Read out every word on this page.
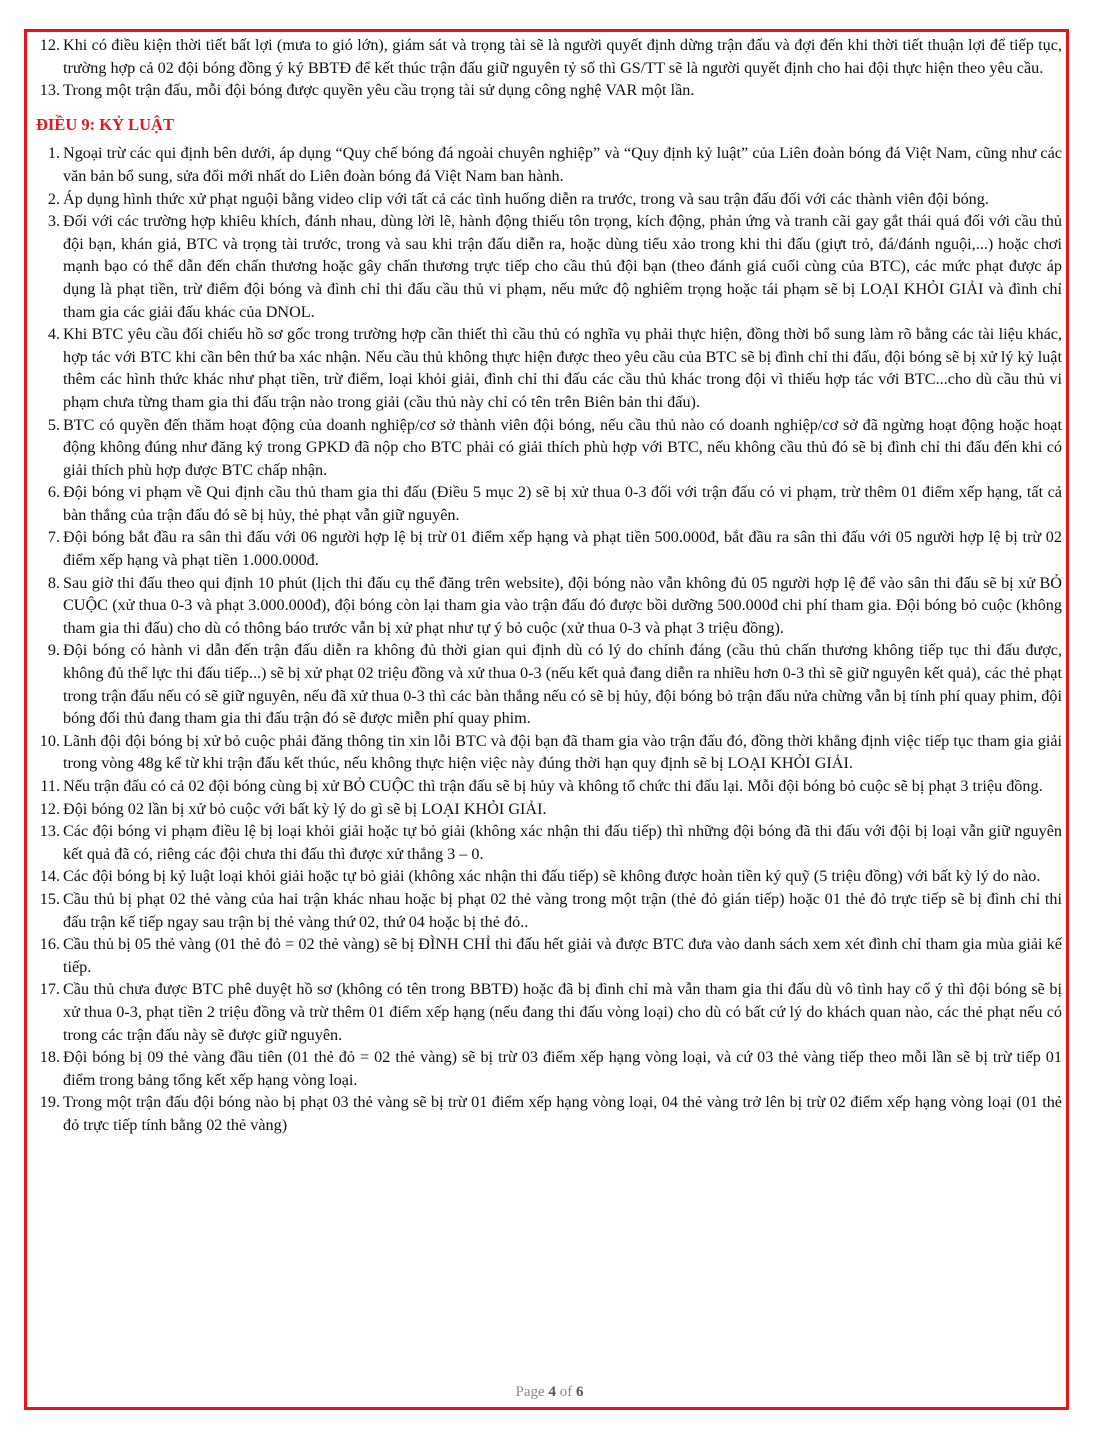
12. Khi có điều kiện thời tiết bất lợi (mưa to gió lớn), giám sát và trọng tài sẽ là người quyết định dừng trận đấu và đợi đến khi thời tiết thuận lợi để tiếp tục, trường hợp cả 02 đội bóng đồng ý ký BBTĐ để kết thúc trận đấu giữ nguyên tỷ số thì GS/TT sẽ là người quyết định cho hai đội thực hiện theo yêu cầu.
13. Trong một trận đấu, mỗi đội bóng được quyền yêu cầu trọng tài sử dụng công nghệ VAR một lần.
ĐIỀU 9: KỶ LUẬT
1. Ngoại trừ các qui định bên dưới, áp dụng “Quy chế bóng đá ngoài chuyên nghiệp” và “Quy định kỷ luật” của Liên đoàn bóng đá Việt Nam, cũng như các văn bản bổ sung, sửa đổi mới nhất do Liên đoàn bóng đá Việt Nam ban hành.
2. Áp dụng hình thức xử phạt nguội bằng video clip với tất cả các tình huống diễn ra trước, trong và sau trận đấu đối với các thành viên đội bóng.
3. Đối với các trường hợp khiêu khích, đánh nhau, dùng lời lẽ, hành động thiếu tôn trọng, kích động, phản ứng và tranh cãi gay gắt thái quá đối với cầu thủ đội bạn, khán giả, BTC và trọng tài trước, trong và sau khi trận đấu diễn ra, hoặc dùng tiểu xảo trong khi thi đấu (giựt trỏ, đá/đánh nguội,...) hoặc chơi mạnh bạo có thể dẫn đến chấn thương hoặc gây chấn thương trực tiếp cho cầu thủ đội bạn (theo đánh giá cuối cùng của BTC), các mức phạt được áp dụng là phạt tiền, trừ điểm đội bóng và đình chỉ thi đấu cầu thủ vi phạm, nếu mức độ nghiêm trọng hoặc tái phạm sẽ bị LOẠI KHỎI GIẢI và đình chỉ tham gia các giải đấu khác của DNOL.
4. Khi BTC yêu cầu đối chiếu hồ sơ gốc trong trường hợp cần thiết thì cầu thủ có nghĩa vụ phải thực hiện, đồng thời bổ sung làm rõ bằng các tài liệu khác, hợp tác với BTC khi cần bên thứ ba xác nhận. Nếu cầu thủ không thực hiện được theo yêu cầu của BTC sẽ bị đình chỉ thi đấu, đội bóng sẽ bị xử lý kỷ luật thêm các hình thức khác như phạt tiền, trừ điểm, loại khỏi giải, đình chỉ thi đấu các cầu thủ khác trong đội vì thiếu hợp tác với BTC...cho dù cầu thủ vi phạm chưa từng tham gia thi đấu trận nào trong giải (cầu thủ này chỉ có tên trên Biên bản thi đấu).
5. BTC có quyền đến thăm hoạt động của doanh nghiệp/cơ sở thành viên đội bóng, nếu cầu thủ nào có doanh nghiệp/cơ sở đã ngừng hoạt động hoặc hoạt động không đúng như đăng ký trong GPKD đã nộp cho BTC phải có giải thích phù hợp với BTC, nếu không cầu thủ đó sẽ bị đình chỉ thi đấu đến khi có giải thích phù hợp được BTC chấp nhận.
6. Đội bóng vi phạm về Qui định cầu thủ tham gia thi đấu (Điều 5 mục 2) sẽ bị xử thua 0-3 đối với trận đấu có vi phạm, trừ thêm 01 điểm xếp hạng, tất cả bàn thắng của trận đấu đó sẽ bị hủy, thẻ phạt vẫn giữ nguyên.
7. Đội bóng bắt đầu ra sân thi đấu với 06 người hợp lệ bị trừ 01 điểm xếp hạng và phạt tiền 500.000đ, bắt đầu ra sân thi đấu với 05 người hợp lệ bị trừ 02 điểm xếp hạng và phạt tiền 1.000.000đ.
8. Sau giờ thi đấu theo qui định 10 phút (lịch thi đấu cụ thể đăng trên website), đội bóng nào vẫn không đủ 05 người hợp lệ để vào sân thi đấu sẽ bị xử BỎ CUỘC (xử thua 0-3 và phạt 3.000.000đ), đội bóng còn lại tham gia vào trận đấu đó được bồi dưỡng 500.000đ chi phí tham gia. Đội bóng bỏ cuộc (không tham gia thi đấu) cho dù có thông báo trước vẫn bị xử phạt như tự ý bỏ cuộc (xử thua 0-3 và phạt 3 triệu đồng).
9. Đội bóng có hành vi dẫn đến trận đấu diễn ra không đủ thời gian qui định dù có lý do chính đáng (cầu thủ chấn thương không tiếp tục thi đấu được, không đủ thể lực thi đấu tiếp...) sẽ bị xử phạt 02 triệu đồng và xử thua 0-3 (nếu kết quả đang diễn ra nhiều hơn 0-3 thì sẽ giữ nguyên kết quả), các thẻ phạt trong trận đấu nếu có sẽ giữ nguyên, nếu đã xử thua 0-3 thì các bàn thắng nếu có sẽ bị hủy, đội bóng bỏ trận đấu nửa chừng vẫn bị tính phí quay phim, đội bóng đối thủ đang tham gia thi đấu trận đó sẽ được miễn phí quay phim.
10. Lãnh đội đội bóng bị xử bỏ cuộc phải đăng thông tin xin lỗi BTC và đội bạn đã tham gia vào trận đấu đó, đồng thời khẳng định việc tiếp tục tham gia giải trong vòng 48g kể từ khi trận đấu kết thúc, nếu không thực hiện việc này đúng thời hạn quy định sẽ bị LOẠI KHỎI GIẢI.
11. Nếu trận đấu có cả 02 đội bóng cùng bị xử BỎ CUỘC thì trận đấu sẽ bị hủy và không tổ chức thi đấu lại. Mỗi đội bóng bỏ cuộc sẽ bị phạt 3 triệu đồng.
12. Đội bóng 02 lần bị xử bỏ cuộc với bất kỳ lý do gì sẽ bị LOẠI KHỎI GIẢI.
13. Các đội bóng vi phạm điều lệ bị loại khỏi giải hoặc tự bỏ giải (không xác nhận thi đấu tiếp) thì những đội bóng đã thi đấu với đội bị loại vẫn giữ nguyên kết quả đã có, riêng các đội chưa thi đấu thì được xử thắng 3 – 0.
14. Các đội bóng bị kỷ luật loại khỏi giải hoặc tự bỏ giải (không xác nhận thi đấu tiếp) sẽ không được hoàn tiền ký quỹ (5 triệu đồng) với bất kỳ lý do nào.
15. Cầu thủ bị phạt 02 thẻ vàng của hai trận khác nhau hoặc bị phạt 02 thẻ vàng trong một trận (thẻ đỏ gián tiếp) hoặc 01 thẻ đỏ trực tiếp sẽ bị đình chỉ thi đấu trận kế tiếp ngay sau trận bị thẻ vàng thứ 02, thứ 04 hoặc bị thẻ đỏ..
16. Cầu thủ bị 05 thẻ vàng (01 thẻ đỏ = 02 thẻ vàng) sẽ bị ĐÌNH CHỈ thi đấu hết giải và được BTC đưa vào danh sách xem xét đình chỉ tham gia mùa giải kế tiếp.
17. Cầu thủ chưa được BTC phê duyệt hồ sơ (không có tên trong BBTĐ) hoặc đã bị đình chỉ mà vẫn tham gia thi đấu dù vô tình hay cố ý thì đội bóng sẽ bị xử thua 0-3, phạt tiền 2 triệu đồng và trừ thêm 01 điểm xếp hạng (nếu đang thi đấu vòng loại) cho dù có bất cứ lý do khách quan nào, các thẻ phạt nếu có trong các trận đấu này sẽ được giữ nguyên.
18. Đội bóng bị 09 thẻ vàng đầu tiên (01 thẻ đỏ = 02 thẻ vàng) sẽ bị trừ 03 điểm xếp hạng vòng loại, và cứ 03 thẻ vàng tiếp theo mỗi lần sẽ bị trừ tiếp 01 điểm trong bảng tổng kết xếp hạng vòng loại.
19. Trong một trận đấu đội bóng nào bị phạt 03 thẻ vàng sẽ bị trừ 01 điểm xếp hạng vòng loại, 04 thẻ vàng trở lên bị trừ 02 điểm xếp hạng vòng loại (01 thẻ đỏ trực tiếp tính bằng 02 thẻ vàng)
Page 4 of 6
